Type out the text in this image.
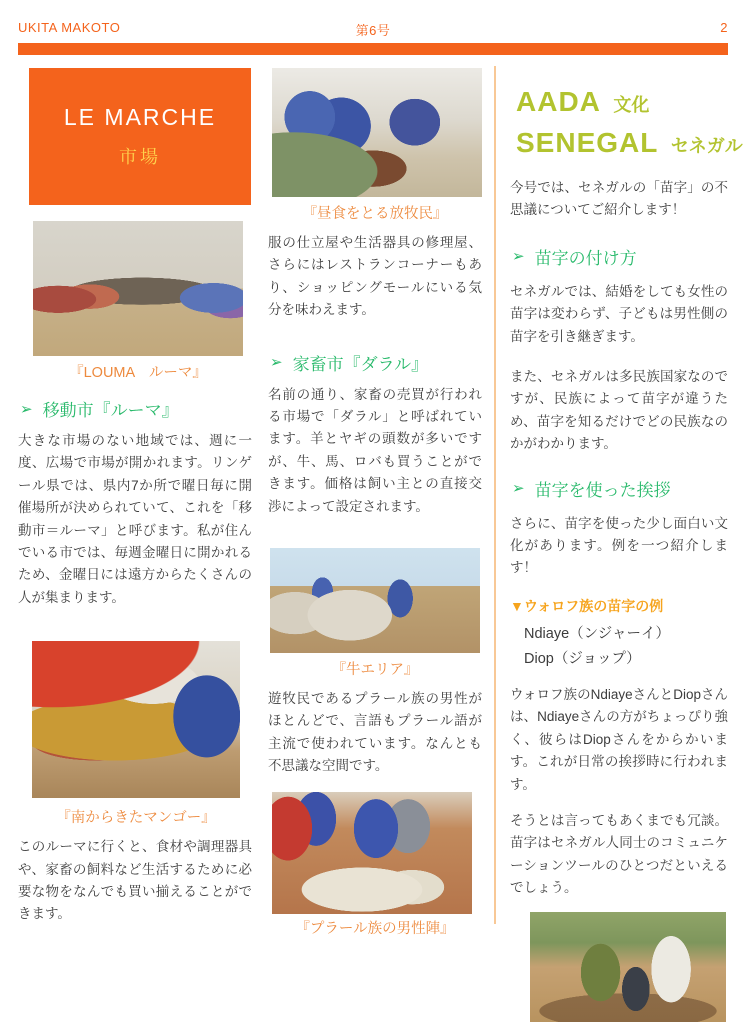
UKITA MAKOTO	第6号	2
LE MARCHE
市場
『LOUMA　ルーマ』
➢ 移動市『ルーマ』
大きな市場のない地域では、週に一度、広場で市場が開かれます。リンゲール県では、県内7か所で曜日毎に開催場所が決められていて、これを「移動市＝ルーマ」と呼びます。私が住んでいる市では、毎週金曜日に開かれるため、金曜日には遠方からたくさんの人が集まります。
『南からきたマンゴー』
このルーマに行くと、食材や調理器具や、家畜の飼料など生活するために必要な物をなんでも買い揃えることができます。
『昼食をとる放牧民』
服の仕立屋や生活器具の修理屋、さらにはレストランコーナーもあり、ショッピングモールにいる気分を味わえます。
➢ 家畜市『ダラル』
名前の通り、家畜の売買が行われる市場で「ダラル」と呼ばれています。羊とヤギの頭数が多いですが、牛、馬、ロバも買うことができます。価格は飼い主との直接交渉によって設定されます。
『牛エリア』
遊牧民であるプラール族の男性がほとんどで、言語もプラール語が主流で使われています。なんとも不思議な空間です。
『プラール族の男性陣』
AADA 文化
SENEGAL セネガル
今号では、セネガルの「苗字」の不思議についてご紹介します！
➢ 苗字の付け方
セネガルでは、結婚をしても女性の苗字は変わらず、子どもは男性側の苗字を引き継ぎます。
また、セネガルは多民族国家なのですが、民族によって苗字が違うため、苗字を知るだけでどの民族なのかがわかります。
➢ 苗字を使った挨拶
さらに、苗字を使った少し面白い文化があります。例を一つ紹介します！
▼ウォロフ族の苗字の例
Ndiaye（ンジャーイ）
Diop（ジョップ）
ウォロフ族のNdiayeさんとDiopさんは、Ndiayeさんの方がちょっぴり強く、彼らはDiopさんをからかいます。これが日常の挨拶時に行われます。
そうとは言ってもあくまでも冗談。苗字はセネガル人同士のコミュニケーションツールのひとつだといえるでしょう。
